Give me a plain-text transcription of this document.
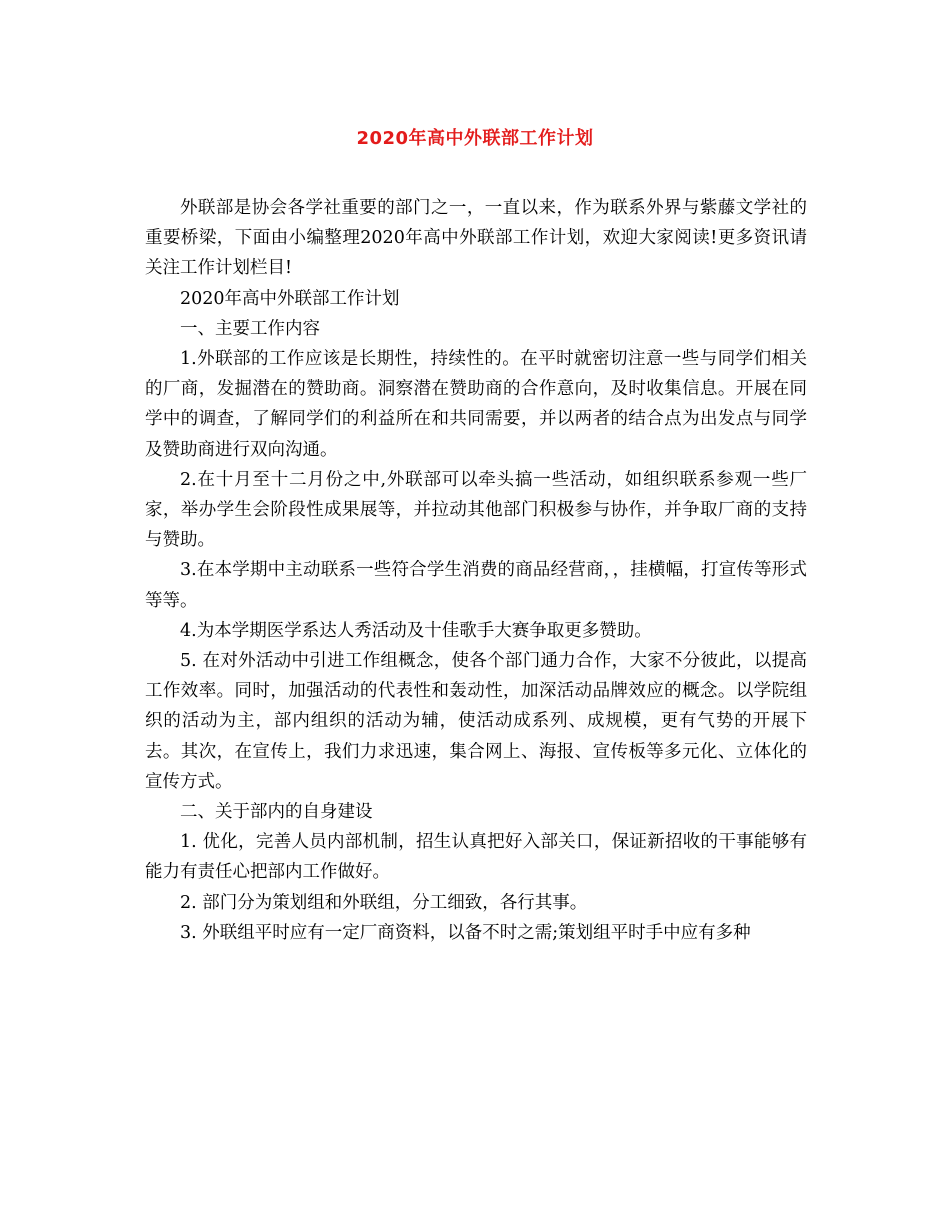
2020年高中外联部工作计划

外联部是协会各学社重要的部门之一，一直以来，作为联系外界与紫藤文学社的重要桥梁，下面由小编整理2020年高中外联部工作计划，欢迎大家阅读!更多资讯请关注工作计划栏目!

2020年高中外联部工作计划

一、主要工作内容

1.外联部的工作应该是长期性，持续性的。在平时就密切注意一些与同学们相关的厂商，发掘潜在的赞助商。洞察潜在赞助商的合作意向，及时收集信息。开展在同学中的调查，了解同学们的利益所在和共同需要，并以两者的结合点为出发点与同学及赞助商进行双向沟通。

2.在十月至十二月份之中,外联部可以牵头搞一些活动，如组织联系参观一些厂家，举办学生会阶段性成果展等，并拉动其他部门积极参与协作，并争取厂商的支持与赞助。

3.在本学期中主动联系一些符合学生消费的商品经营商，，挂横幅，打宣传等形式等等。

4.为本学期医学系达人秀活动及十佳歌手大赛争取更多赞助。

5. 在对外活动中引进工作组概念，使各个部门通力合作，大家不分彼此，以提高工作效率。同时，加强活动的代表性和轰动性，加深活动品牌效应的概念。以学院组织的活动为主，部内组织的活动为辅，使活动成系列、成规模，更有气势的开展下去。其次，在宣传上，我们力求迅速，集合网上、海报、宣传板等多元化、立体化的宣传方式。

二、关于部内的自身建设

1. 优化，完善人员内部机制，招生认真把好入部关口，保证新招收的干事能够有能力有责任心把部内工作做好。

2. 部门分为策划组和外联组，分工细致，各行其事。

3. 外联组平时应有一定厂商资料，以备不时之需;策划组平时手中应有多种
